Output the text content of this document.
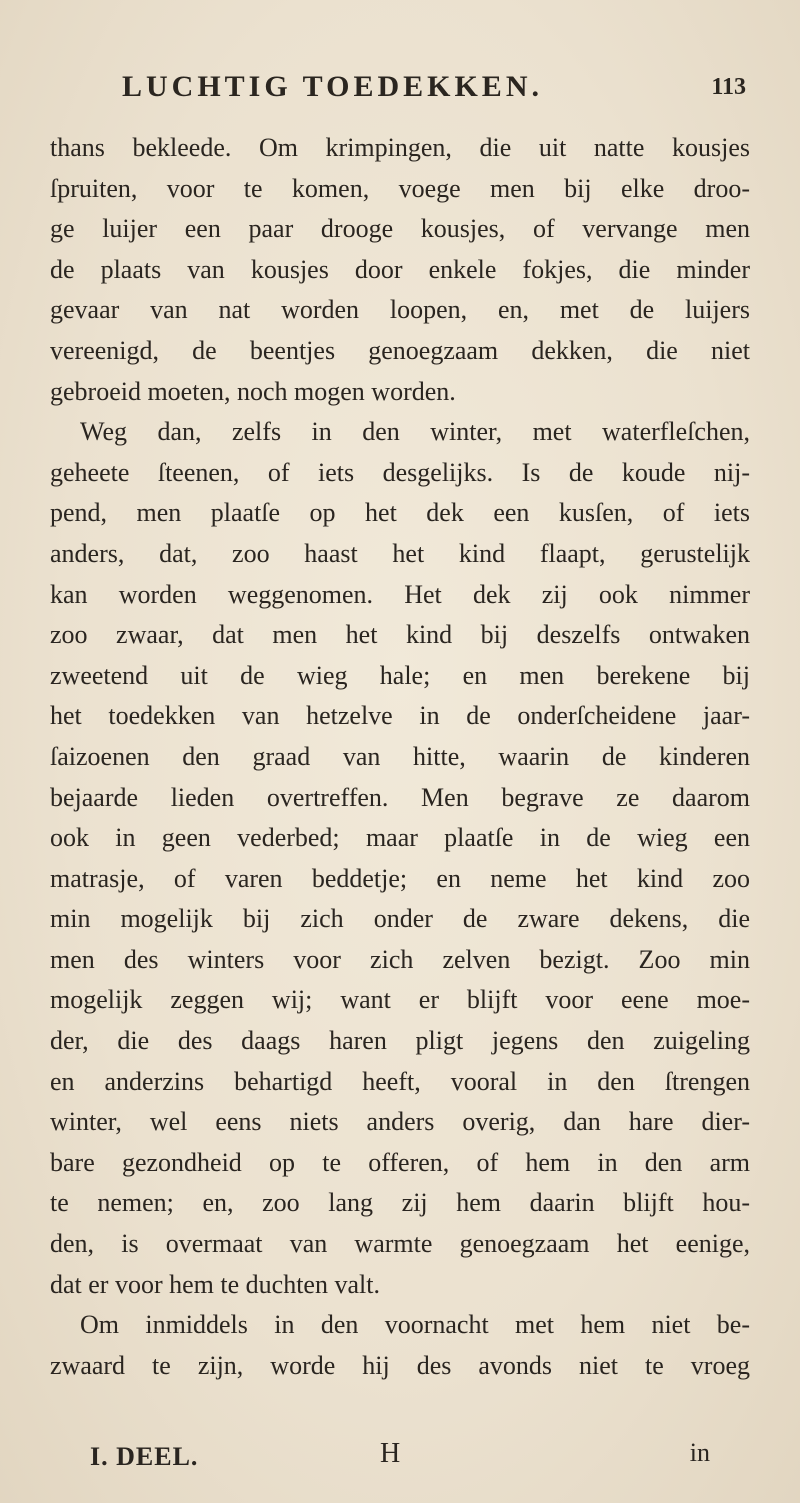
LUCHTIG TOEDEKKEN.	113
thans bekleede. Om krimpingen, die uit natte kousjes
ſpruiten, voor te komen, voege men bij elke droo-
ge luijer een paar drooge kousjes, of vervange men
de plaats van kousjes door enkele fokjes, die minder
gevaar van nat worden loopen, en, met de luijers
vereenigd, de beentjes genoegzaam dekken, die niet
gebroeid moeten, noch mogen worden.
Weg dan, zelfs in den winter, met waterfleſchen,
geheete ſteenen, of iets desgelijks. Is de koude nij-
pend, men plaatſe op het dek een kusſen, of iets
anders, dat, zoo haast het kind flaapt, gerustelijk
kan worden weggenomen. Het dek zij ook nimmer
zoo zwaar, dat men het kind bij deszelfs ontwaken
zweetend uit de wieg hale; en men berekene bij
het toedekken van hetzelve in de onderſcheidene jaar-
ſaizoenen den graad van hitte, waarin de kinderen
bejaarde lieden overtreffen. Men begrave ze daarom
ook in geen vederbed; maar plaatſe in de wieg een
matrasje, of varen beddetje; en neme het kind zoo
min mogelijk bij zich onder de zware dekens, die
men des winters voor zich zelven bezigt. Zoo min
mogelijk zeggen wij; want er blijft voor eene moe-
der, die des daags haren pligt jegens den zuigeling
en anderzins behartigd heeft, vooral in den ſtrengen
winter, wel eens niets anders overig, dan hare dier-
bare gezondheid op te offeren, of hem in den arm
te nemen; en, zoo lang zij hem daarin blijft hou-
den, is overmaat van warmte genoegzaam het eenige,
dat er voor hem te duchten valt.
Om inmiddels in den voornacht met hem niet be-
zwaard te zijn, worde hij des avonds niet te vroeg
I. DEEL.	H	in
